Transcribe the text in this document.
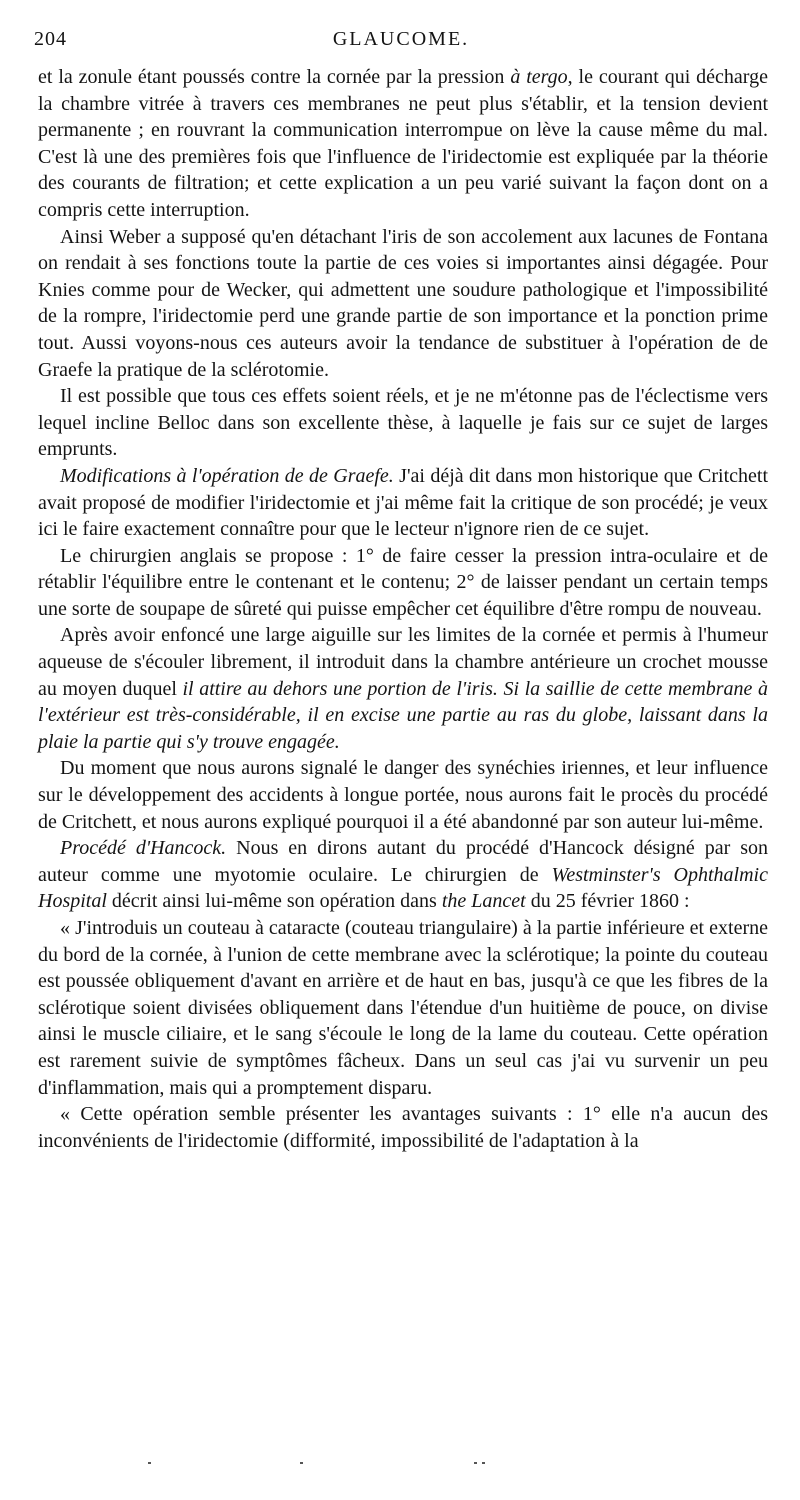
204	GLAUCOME.

et la zonule étant poussés contre la cornée par la pression à tergo, le courant qui décharge la chambre vitrée à travers ces membranes ne peut plus s'établir, et la tension devient permanente ; en rouvrant la communication interrompue on lève la cause même du mal. C'est là une des premières fois que l'influence de l'iridectomie est expliquée par la théorie des courants de filtration; et cette explication a un peu varié suivant la façon dont on a compris cette interruption.

Ainsi Weber a supposé qu'en détachant l'iris de son accolement aux lacunes de Fontana on rendait à ses fonctions toute la partie de ces voies si importantes ainsi dégagée. Pour Knies comme pour de Wecker, qui admettent une soudure pathologique et l'impossibilité de la rompre, l'iridectomie perd une grande partie de son importance et la ponction prime tout. Aussi voyons-nous ces auteurs avoir la tendance de substituer à l'opération de de Graefe la pratique de la sclérotomie.

Il est possible que tous ces effets soient réels, et je ne m'étonne pas de l'éclectisme vers lequel incline Belloc dans son excellente thèse, à laquelle je fais sur ce sujet de larges emprunts.

Modifications à l'opération de de Graefe. J'ai déjà dit dans mon historique que Critchett avait proposé de modifier l'iridectomie et j'ai même fait la critique de son procédé; je veux ici le faire exactement connaître pour que le lecteur n'ignore rien de ce sujet.

Le chirurgien anglais se propose : 1° de faire cesser la pression intra-oculaire et de rétablir l'équilibre entre le contenant et le contenu; 2° de laisser pendant un certain temps une sorte de soupape de sûreté qui puisse empêcher cet équilibre d'être rompu de nouveau.

Après avoir enfoncé une large aiguille sur les limites de la cornée et permis à l'humeur aqueuse de s'écouler librement, il introduit dans la chambre antérieure un crochet mousse au moyen duquel il attire au dehors une portion de l'iris. Si la saillie de cette membrane à l'extérieur est très-considérable, il en excise une partie au ras du globe, laissant dans la plaie la partie qui s'y trouve engagée.

Du moment que nous aurons signalé le danger des synéchies iriennes, et leur influence sur le développement des accidents à longue portée, nous aurons fait le procès du procédé de Critchett, et nous aurons expliqué pourquoi il a été abandonné par son auteur lui-même.

Procédé d'Hancock. Nous en dirons autant du procédé d'Hancock désigné par son auteur comme une myotomie oculaire. Le chirurgien de Westminster's Ophthalmic Hospital décrit ainsi lui-même son opération dans the Lancet du 25 février 1860 :

« J'introduis un couteau à cataracte (couteau triangulaire) à la partie inférieure et externe du bord de la cornée, à l'union de cette membrane avec la sclérotique; la pointe du couteau est poussée obliquement d'avant en arrière et de haut en bas, jusqu'à ce que les fibres de la sclérotique soient divisées obliquement dans l'étendue d'un huitième de pouce, on divise ainsi le muscle ciliaire, et le sang s'écoule le long de la lame du couteau. Cette opération est rarement suivie de symptômes fâcheux. Dans un seul cas j'ai vu survenir un peu d'inflammation, mais qui a promptement disparu.

« Cette opération semble présenter les avantages suivants : 1° elle n'a aucun des inconvénients de l'iridectomie (difformité, impossibilité de l'adaptation à la
